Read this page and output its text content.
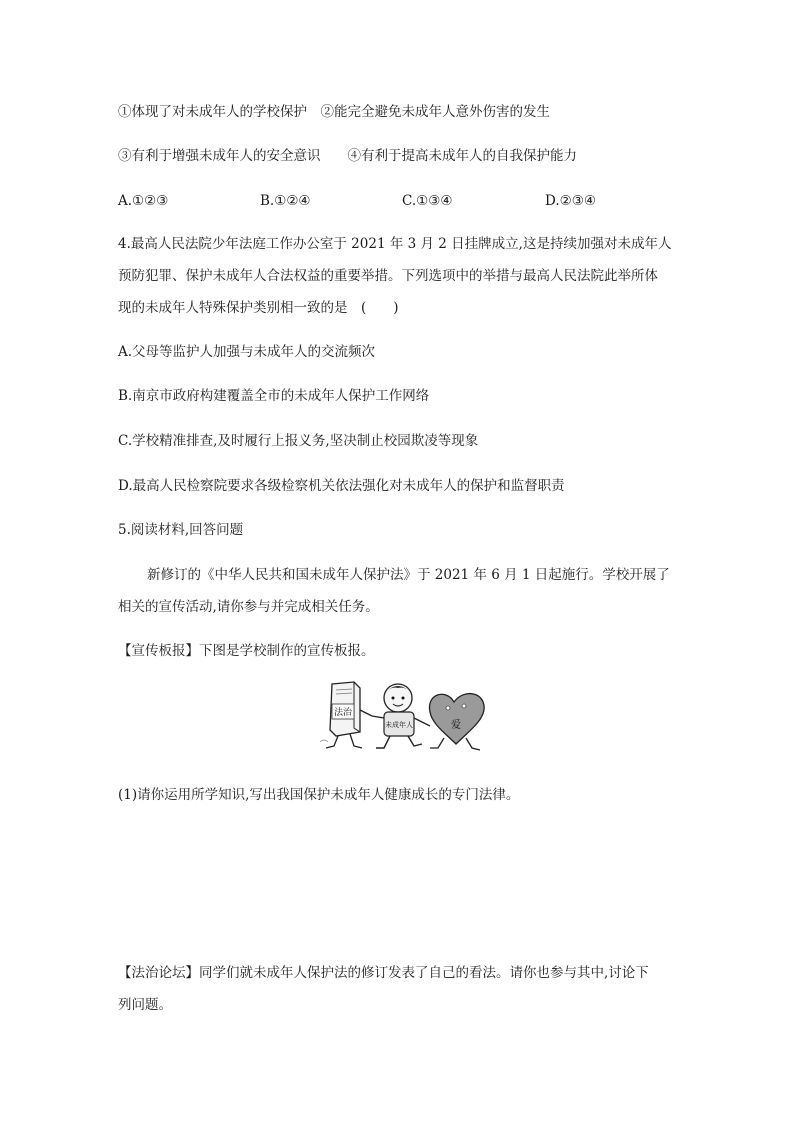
①体现了对未成年人的学校保护　②能完全避免未成年人意外伤害的发生
③有利于增强未成年人的安全意识　　④有利于提高未成年人的自我保护能力
A.①②③	B.①②④	C.①③④	D.②③④
4.最高人民法院少年法庭工作办公室于 2021 年 3 月 2 日挂牌成立,这是持续加强对未成年人
预防犯罪、保护未成年人合法权益的重要举措。下列选项中的举措与最高人民法院此举所体
现的未成年人特殊保护类别相一致的是　(　　)
A.父母等监护人加强与未成年人的交流频次
B.南京市政府构建覆盖全市的未成年人保护工作网络
C.学校精准排查,及时履行上报义务,坚决制止校园欺凌等现象
D.最高人民检察院要求各级检察机关依法强化对未成年人的保护和监督职责
5.阅读材料,回答问题
新修订的《中华人民共和国未成年人保护法》于 2021 年 6 月 1 日起施行。学校开展了
相关的宣传活动,请你参与并完成相关任务。
【宣传板报】下图是学校制作的宣传板报。
法治
未成年人	爱
(1)请你运用所学知识,写出我国保护未成年人健康成长的专门法律。
【法治论坛】同学们就未成年人保护法的修订发表了自己的看法。请你也参与其中,讨论下
列问题。
